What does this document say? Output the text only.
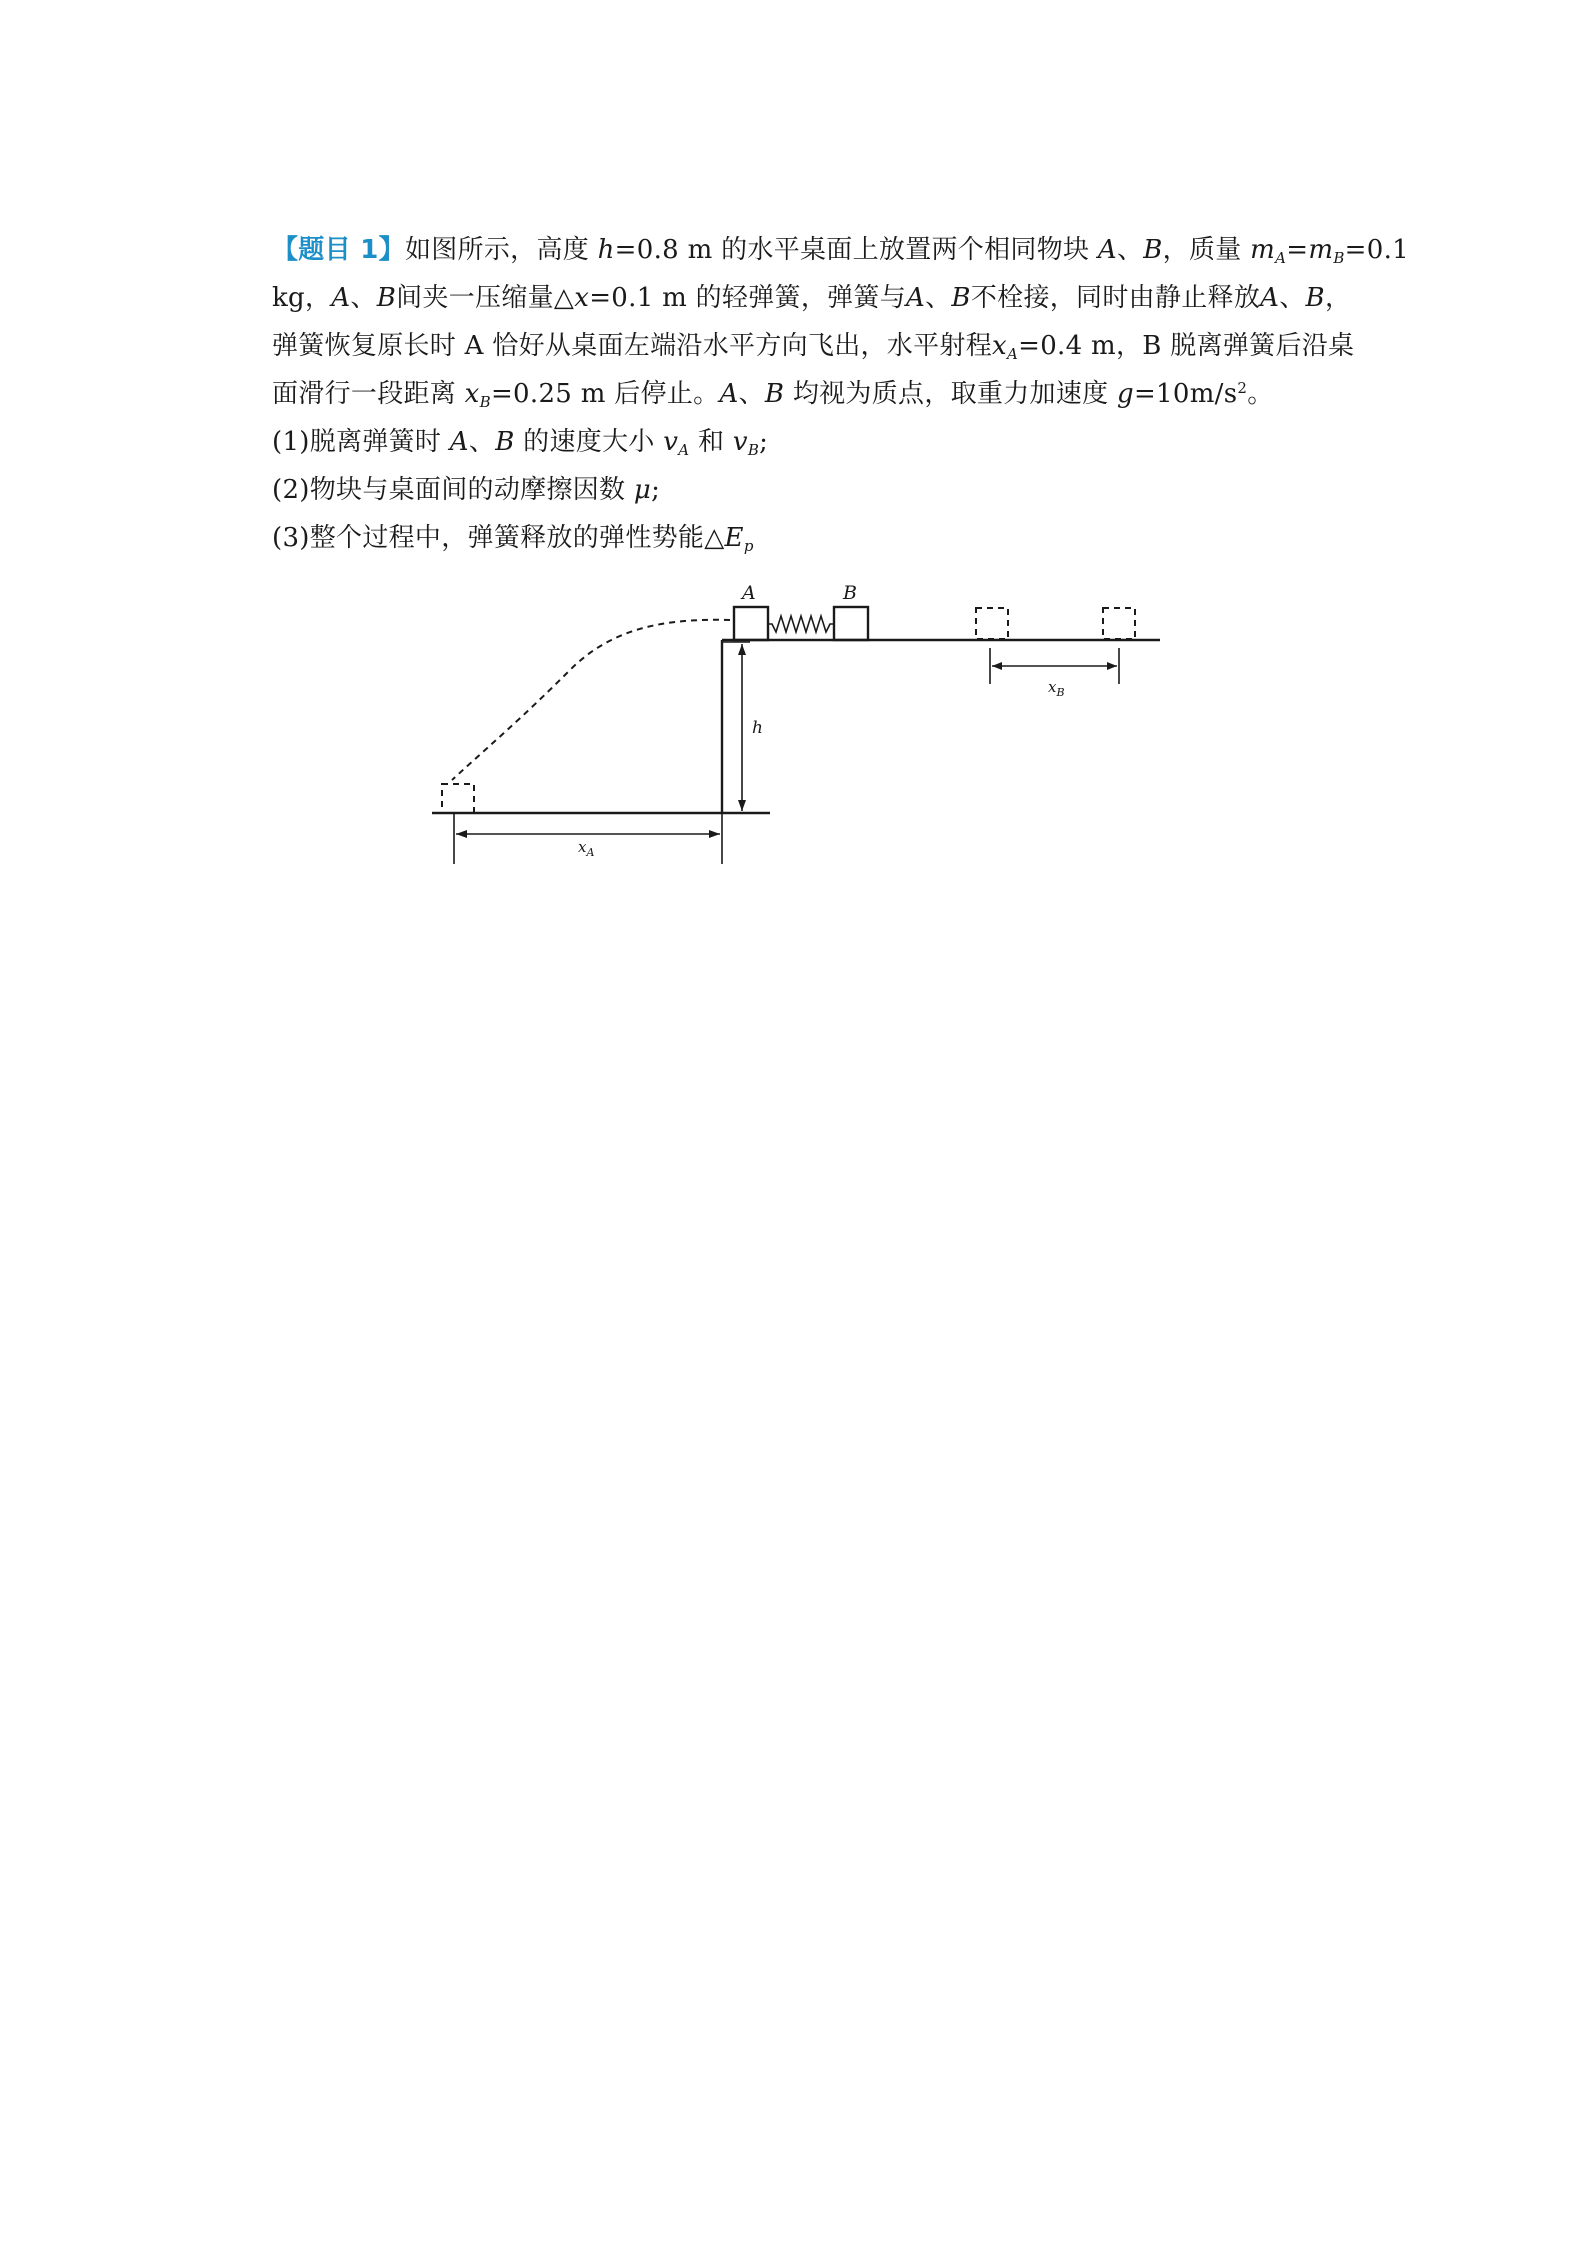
【题目 1】如图所示，高度 h=0.8 m 的水平桌面上放置两个相同物块 A、B，质量 $m_A=m_B=0.1$
kg， A、B 间夹一压缩量△x=0.1 m 的轻弹簧，弹簧与 A、B 不栓接，同时由静止释放 A、B，
弹簧恢复原长时 A 恰好从桌面左端沿水平方向飞出，水平射程 $x_A=0.4$ m，B 脱离弹簧后沿桌
面滑行一段距离 $x_B=0.25$ m 后停止。A、B 均视为质点，取重力加速度 $g=10m/s^2$。
(1)脱离弹簧时 A、B 的速度大小 $v_A$ 和 $v_B$;
(2)物块与桌面间的动摩擦因数 μ;
(3)整个过程中，弹簧释放的弹性势能$\triangle E_p$
A	B
$x_B$
h
$x_A$
